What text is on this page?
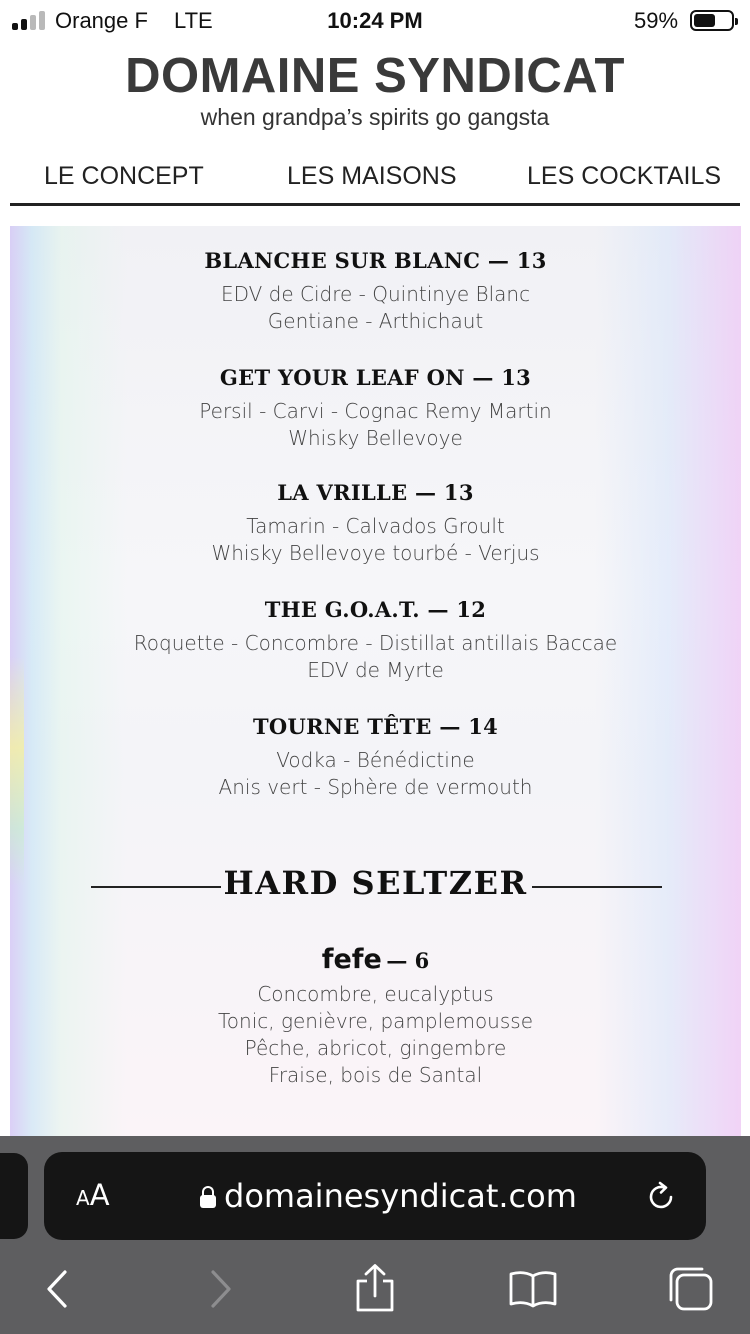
Orange F LTE	10:24 PM	59%
DOMAINE SYNDICAT
when grandpa’s spirits go gangsta
LE CONCEPT	LES MAISONS	LES COCKTAILS
BLANCHE SUR BLANC — 13
EDV de Cidre - Quintinye Blanc
Gentiane - Arthichaut
GET YOUR LEAF ON — 13
Persil - Carvi - Cognac Remy Martin
Whisky Bellevoye
LA VRILLE — 13
Tamarin - Calvados Groult
Whisky Bellevoye tourbé - Verjus
THE G.O.A.T. — 12
Roquette - Concombre - Distillat antillais Baccae
EDV de Myrte
TOURNE TÊTE — 14
Vodka - Bénédictine
Anis vert - Sphère de vermouth
HARD SELTZER
fefe — 6
Concombre, eucalyptus
Tonic, genièvre, pamplemousse
Pêche, abricot, gingembre
Fraise, bois de Santal
AA	domainesyndicat.com
